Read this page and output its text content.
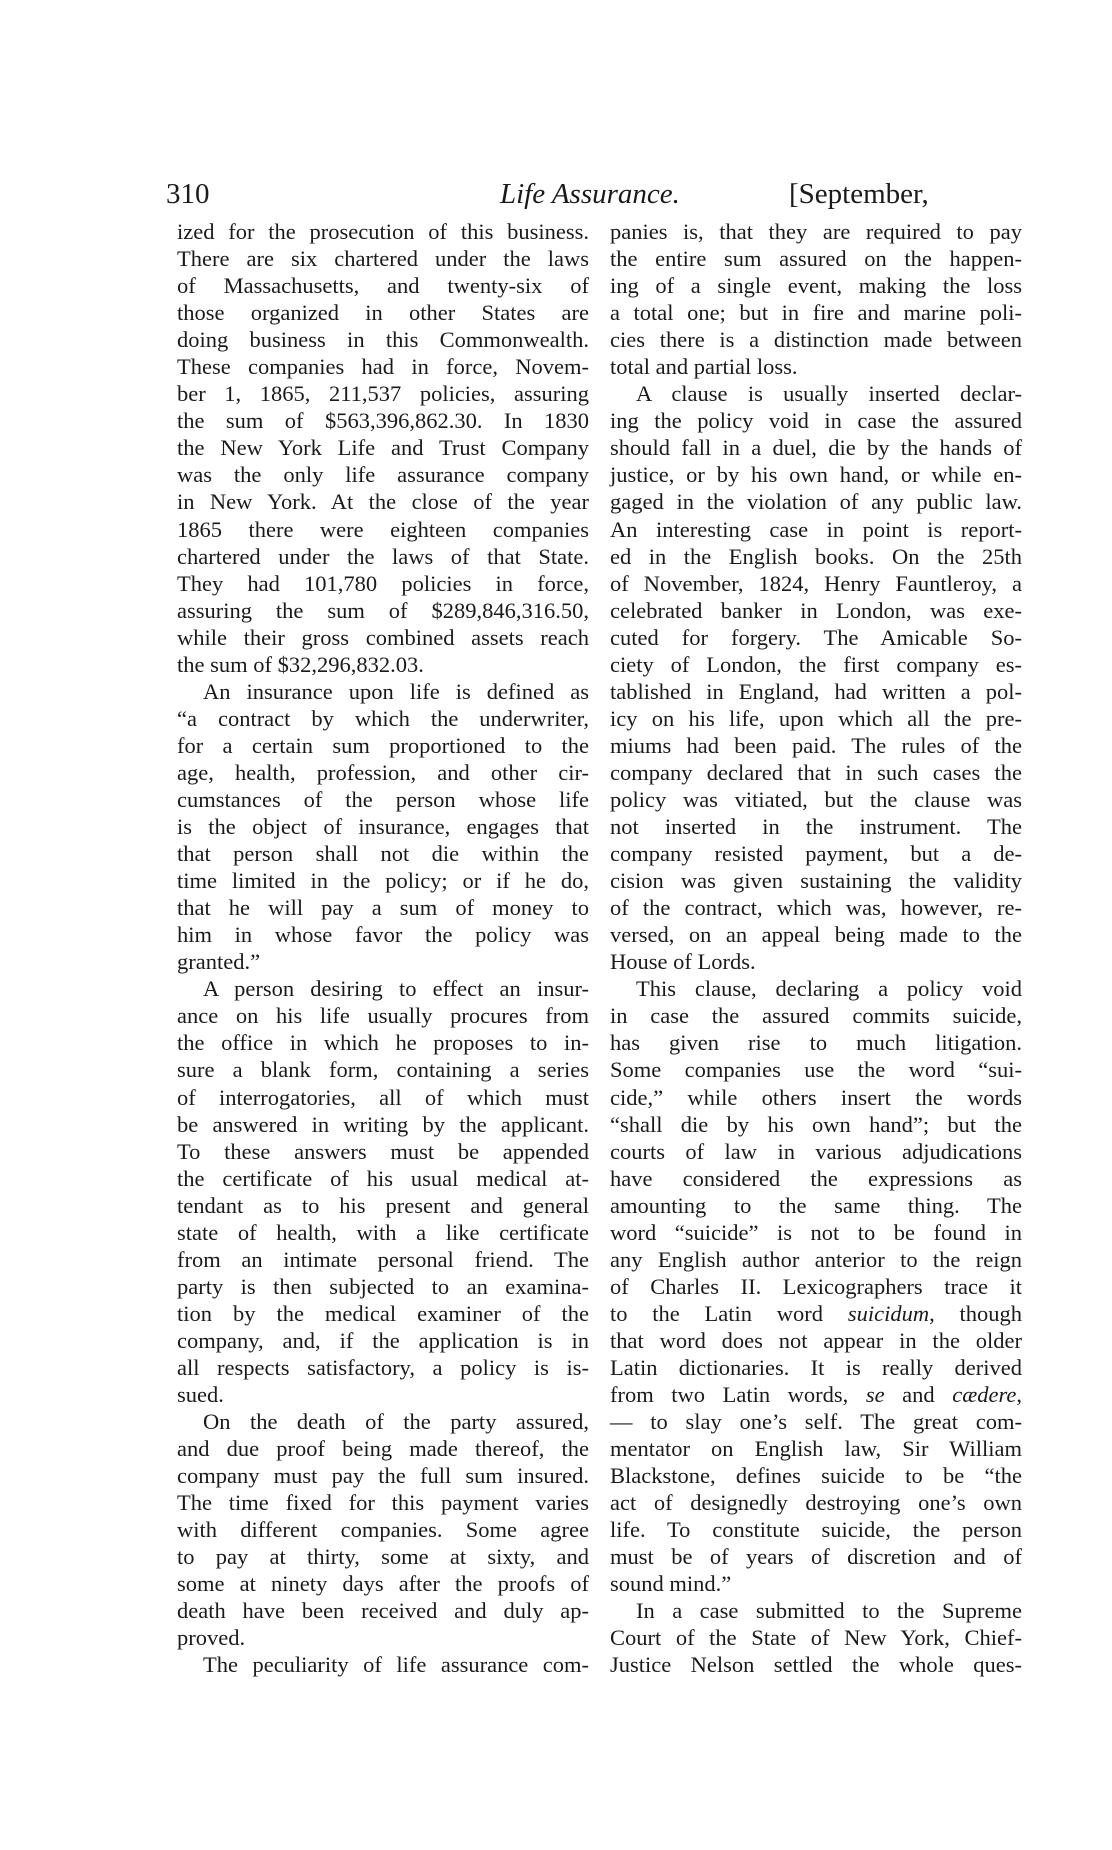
310	Life Assurance.	[September,
ized for the prosecution of this business.
There are six chartered under the laws
of Massachusetts, and twenty-six of
those organized in other States are
doing business in this Commonwealth.
These companies had in force, Novem-
ber 1, 1865, 211,537 policies, assuring
the sum of $563,396,862.30. In 1830
the New York Life and Trust Company
was the only life assurance company
in New York. At the close of the year
1865 there were eighteen companies
chartered under the laws of that State.
They had 101,780 policies in force,
assuring the sum of $289,846,316.50,
while their gross combined assets reach
the sum of $32,296,832.03.
An insurance upon life is defined as
“a contract by which the underwriter,
for a certain sum proportioned to the
age, health, profession, and other cir-
cumstances of the person whose life
is the object of insurance, engages that
that person shall not die within the
time limited in the policy; or if he do,
that he will pay a sum of money to
him in whose favor the policy was
granted.”
A person desiring to effect an insur-
ance on his life usually procures from
the office in which he proposes to in-
sure a blank form, containing a series
of interrogatories, all of which must
be answered in writing by the applicant.
To these answers must be appended
the certificate of his usual medical at-
tendant as to his present and general
state of health, with a like certificate
from an intimate personal friend. The
party is then subjected to an examina-
tion by the medical examiner of the
company, and, if the application is in
all respects satisfactory, a policy is is-
sued.
On the death of the party assured,
and due proof being made thereof, the
company must pay the full sum insured.
The time fixed for this payment varies
with different companies. Some agree
to pay at thirty, some at sixty, and
some at ninety days after the proofs of
death have been received and duly ap-
proved.
The peculiarity of life assurance com-
panies is, that they are required to pay
the entire sum assured on the happen-
ing of a single event, making the loss
a total one; but in fire and marine poli-
cies there is a distinction made between
total and partial loss.
A clause is usually inserted declar-
ing the policy void in case the assured
should fall in a duel, die by the hands of
justice, or by his own hand, or while en-
gaged in the violation of any public law.
An interesting case in point is report-
ed in the English books. On the 25th
of November, 1824, Henry Fauntleroy, a
celebrated banker in London, was exe-
cuted for forgery. The Amicable So-
ciety of London, the first company es-
tablished in England, had written a pol-
icy on his life, upon which all the pre-
miums had been paid. The rules of the
company declared that in such cases the
policy was vitiated, but the clause was
not inserted in the instrument. The
company resisted payment, but a de-
cision was given sustaining the validity
of the contract, which was, however, re-
versed, on an appeal being made to the
House of Lords.
This clause, declaring a policy void
in case the assured commits suicide,
has given rise to much litigation.
Some companies use the word “sui-
cide,” while others insert the words
“shall die by his own hand”; but the
courts of law in various adjudications
have considered the expressions as
amounting to the same thing. The
word “suicide” is not to be found in
any English author anterior to the reign
of Charles II. Lexicographers trace it
to the Latin word suicidum, though
that word does not appear in the older
Latin dictionaries. It is really derived
from two Latin words, se and cædere,
— to slay one’s self. The great com-
mentator on English law, Sir William
Blackstone, defines suicide to be “the
act of designedly destroying one’s own
life. To constitute suicide, the person
must be of years of discretion and of
sound mind.”
In a case submitted to the Supreme
Court of the State of New York, Chief-
Justice Nelson settled the whole ques-
